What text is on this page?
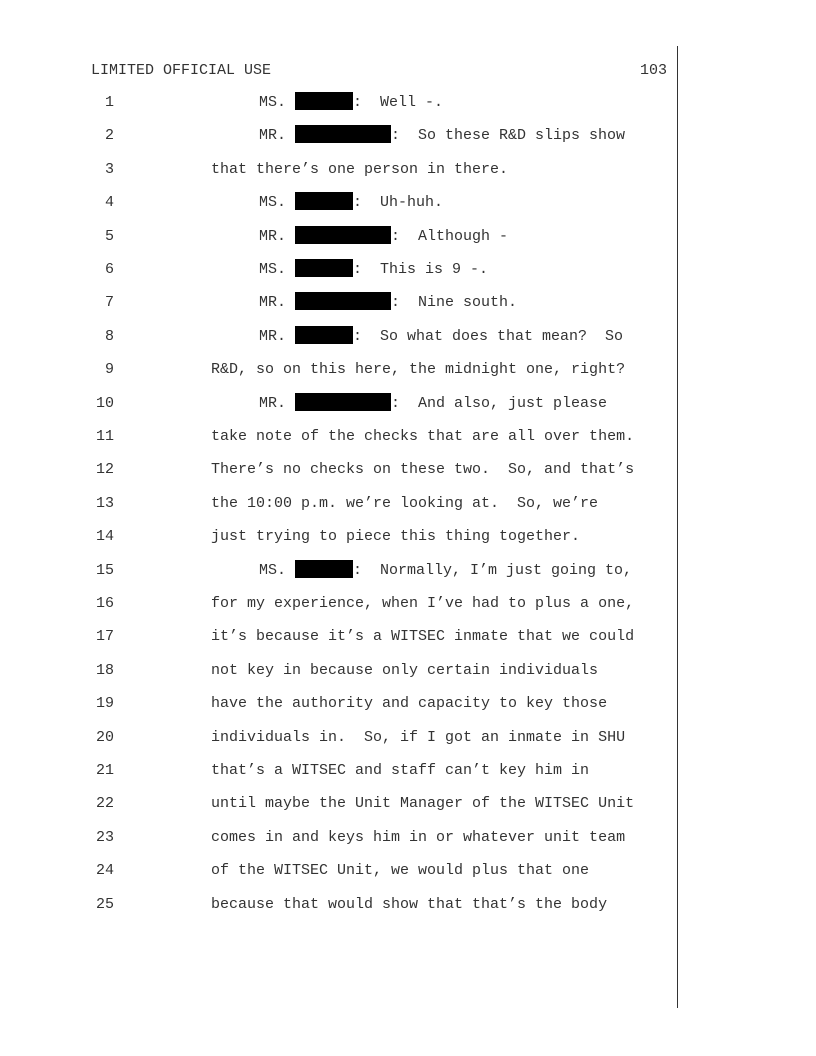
LIMITED OFFICIAL USE	103
1	MS.	:  Well -.
2	MR.	:  So these R&D slips show
3	that there’s one person in there.
4	MS.	:  Uh-huh.
5	MR.	:  Although -
6	MS.	:  This is 9 -.
7	MR.	:  Nine south.
8	MR.	:  So what does that mean?  So
9	R&D, so on this here, the midnight one, right?
10	MR.	:  And also, just please
11	take note of the checks that are all over them.
12	There’s no checks on these two.  So, and that’s
13	the 10:00 p.m. we’re looking at.  So, we’re
14	just trying to piece this thing together.
15	MS.	:  Normally, I’m just going to,
16	for my experience, when I’ve had to plus a one,
17	it’s because it’s a WITSEC inmate that we could
18	not key in because only certain individuals
19	have the authority and capacity to key those
20	individuals in.  So, if I got an inmate in SHU
21	that’s a WITSEC and staff can’t key him in
22	until maybe the Unit Manager of the WITSEC Unit
23	comes in and keys him in or whatever unit team
24	of the WITSEC Unit, we would plus that one
25	because that would show that that’s the body
